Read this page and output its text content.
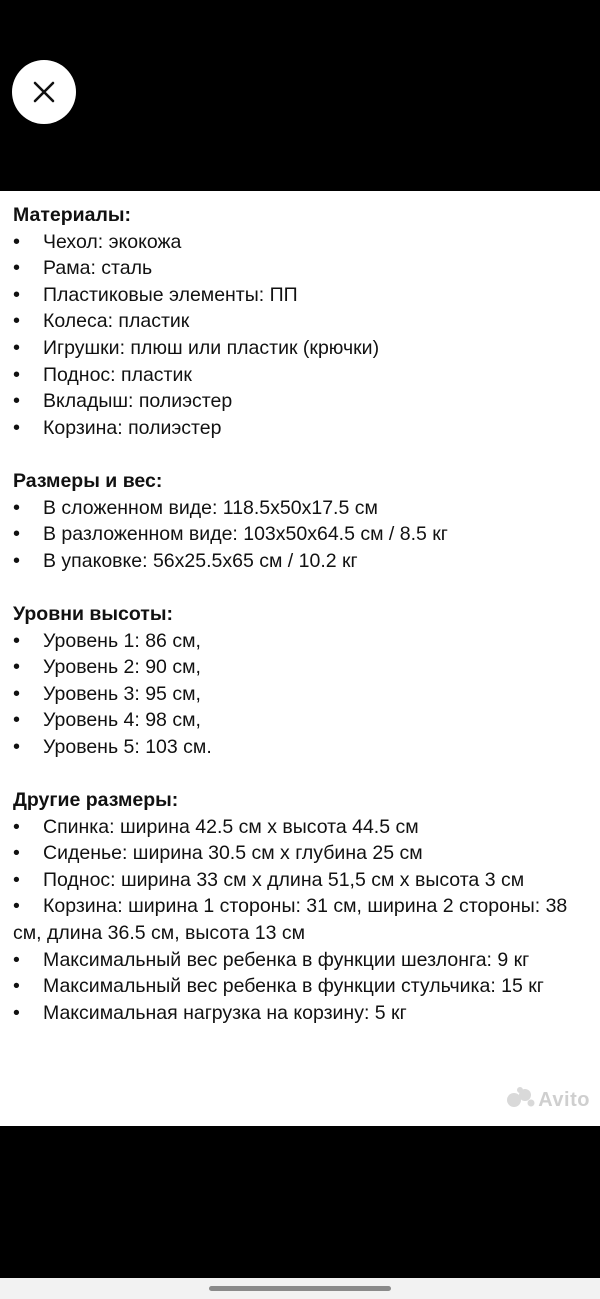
Материалы:
• Чехол: экокожа
• Рама: сталь
• Пластиковые элементы: ПП
• Колеса: пластик
• Игрушки: плюш или пластик (крючки)
• Поднос: пластик
• Вкладыш: полиэстер
• Корзина: полиэстер
Размеры и вес:
• В сложенном виде: 118.5x50x17.5 см
• В разложенном виде: 103x50x64.5 см / 8.5 кг
• В упаковке: 56x25.5x65 см / 10.2 кг
Уровни высоты:
• Уровень 1: 86 см,
• Уровень 2: 90 см,
• Уровень 3: 95 см,
• Уровень 4: 98 см,
• Уровень 5: 103 см.
Другие размеры:
• Спинка: ширина 42.5 см x высота 44.5 см
• Сиденье: ширина 30.5 см x глубина 25 см
• Поднос: ширина 33 см x длина 51,5 см x высота 3 см
• Корзина: ширина 1 стороны: 31 см, ширина 2 стороны: 38 см, длина 36.5 см, высота 13 см
• Максимальный вес ребенка в функции шезлонга: 9 кг
• Максимальный вес ребенка в функции стульчика: 15 кг
• Максимальная нагрузка на корзину: 5 кг
Avito
